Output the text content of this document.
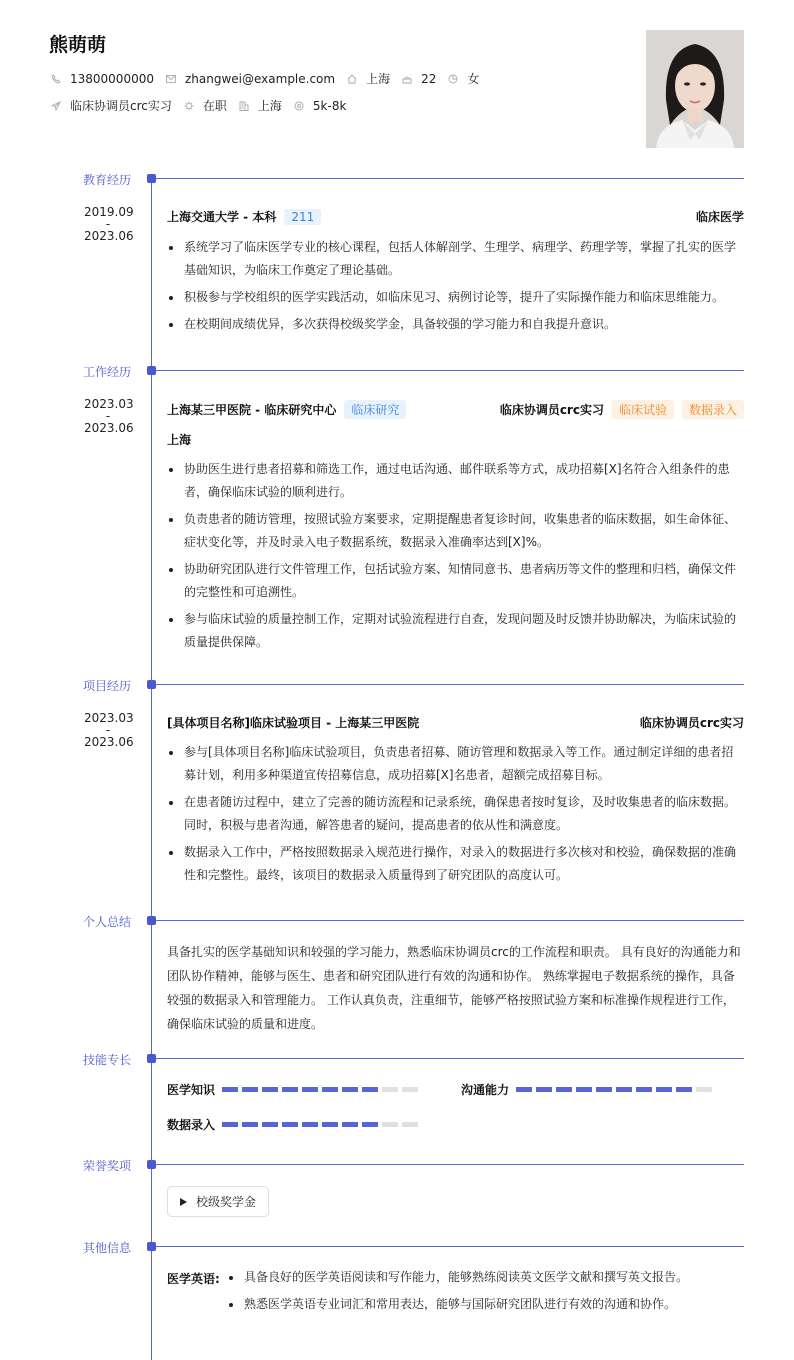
熊萌萌
13800000000	zhangwei@example.com	上海	22	女
临床协调员crc实习	在职	上海	5k-8k
教育经历
2019.09
-
2023.06
上海交通大学 - 本科	211	临床医学
系统学习了临床医学专业的核心课程，包括人体解剖学、生理学、病理学、药理学等，掌握了扎实的医学基础知识，为临床工作奠定了理论基础。
积极参与学校组织的医学实践活动，如临床见习、病例讨论等，提升了实际操作能力和临床思维能力。
在校期间成绩优异，多次获得校级奖学金，具备较强的学习能力和自我提升意识。
工作经历
2023.03
-
2023.06
上海某三甲医院 - 临床研究中心	临床研究	临床协调员crc实习	临床试验	数据录入
上海
协助医生进行患者招募和筛选工作，通过电话沟通、邮件联系等方式，成功招募[X]名符合入组条件的患者，确保临床试验的顺利进行。
负责患者的随访管理，按照试验方案要求，定期提醒患者复诊时间，收集患者的临床数据，如生命体征、症状变化等，并及时录入电子数据系统，数据录入准确率达到[X]%。
协助研究团队进行文件管理工作，包括试验方案、知情同意书、患者病历等文件的整理和归档，确保文件的完整性和可追溯性。
参与临床试验的质量控制工作，定期对试验流程进行自查，发现问题及时反馈并协助解决，为临床试验的质量提供保障。
项目经历
2023.03
-
2023.06
[具体项目名称]临床试验项目 - 上海某三甲医院	临床协调员crc实习
参与[具体项目名称]临床试验项目，负责患者招募、随访管理和数据录入等工作。通过制定详细的患者招募计划，利用多种渠道宣传招募信息，成功招募[X]名患者，超额完成招募目标。
在患者随访过程中，建立了完善的随访流程和记录系统，确保患者按时复诊，及时收集患者的临床数据。同时，积极与患者沟通，解答患者的疑问，提高患者的依从性和满意度。
数据录入工作中，严格按照数据录入规范进行操作，对录入的数据进行多次核对和校验，确保数据的准确性和完整性。最终，该项目的数据录入质量得到了研究团队的高度认可。
个人总结
具备扎实的医学基础知识和较强的学习能力，熟悉临床协调员crc的工作流程和职责。 具有良好的沟通能力和团队协作精神，能够与医生、患者和研究团队进行有效的沟通和协作。 熟练掌握电子数据系统的操作，具备较强的数据录入和管理能力。 工作认真负责，注重细节，能够严格按照试验方案和标准操作规程进行工作，确保临床试验的质量和进度。
技能专长
医学知识	沟通能力
数据录入
荣誉奖项
校级奖学金
其他信息
医学英语:	具备良好的医学英语阅读和写作能力，能够熟练阅读英文医学文献和撰写英文报告。
熟悉医学英语专业词汇和常用表达，能够与国际研究团队进行有效的沟通和协作。
